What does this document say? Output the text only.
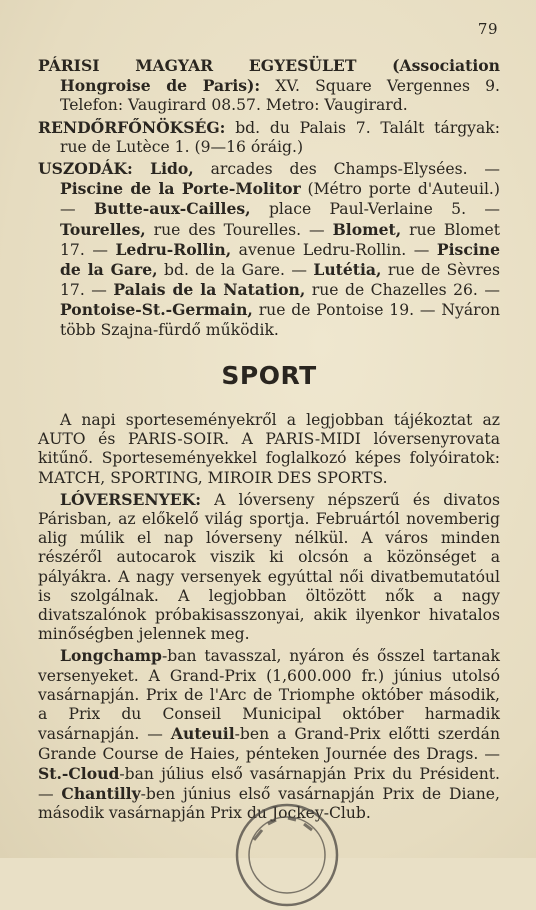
79

PÁRISI MAGYAR EGYESÜLET (Association Hongroise de Paris): XV. Square Vergennes 9. Telefon: Vaugirard 08.57. Metro: Vaugirard.

RENDŐRFŐNÖKSÉG: bd. du Palais 7. Talált tárgyak: rue de Lutèce 1. (9—16 óráig.)

USZODÁK: Lido, arcades des Champs-Elysées. — Piscine de la Porte-Molitor (Métro porte d'Auteuil.) — Butte-aux-Cailles, place Paul-Verlaine 5. — Tourelles, rue des Tourelles. — Blomet, rue Blomet 17. — Ledru-Rollin, avenue Ledru-Rollin. — Piscine de la Gare, bd. de la Gare. — Lutétia, rue de Sèvres 17. — Palais de la Natation, rue de Chazelles 26. — Pontoise-St.-Germain, rue de Pontoise 19. — Nyáron több Szajna-fürdő működik.

SPORT

A napi sporteseményekről a legjobban tájékoztat az AUTO és PARIS-SOIR. A PARIS-MIDI lóversenyrovata kitűnő. Sporteseményekkel foglalkozó képes folyóiratok: MATCH, SPORTING, MIROIR DES SPORTS.

LÓVERSENYEK: A lóverseny népszerű és divatos Párisban, az előkelő világ sportja. Februártól novemberig alig múlik el nap lóverseny nélkül. A város minden részéről autocarok viszik ki olcsón a közönséget a pályákra. A nagy versenyek egyúttal női divatbemutatóul is szolgálnak. A legjobban öltözött nők a nagy divatszalónok próbakisasszonyai, akik ilyenkor hivatalos minőségben jelennek meg.

Longchamp-ban tavasszal, nyáron és ősszel tartanak versenyeket. A Grand-Prix (1,600.000 fr.) június utolsó vasárnapján. Prix de l'Arc de Triomphe október második, a Prix du Conseil Municipal október harmadik vasárnapján. — Auteuil-ben a Grand-Prix előtti szerdán Grande Course de Haies, pénteken Journée des Drags. — St.-Cloud-ban július első vasárnapján Prix du Président. — Chantilly-ben június első vasárnapján Prix de Diane, második vasárnapján Prix du Jockey-Club.
